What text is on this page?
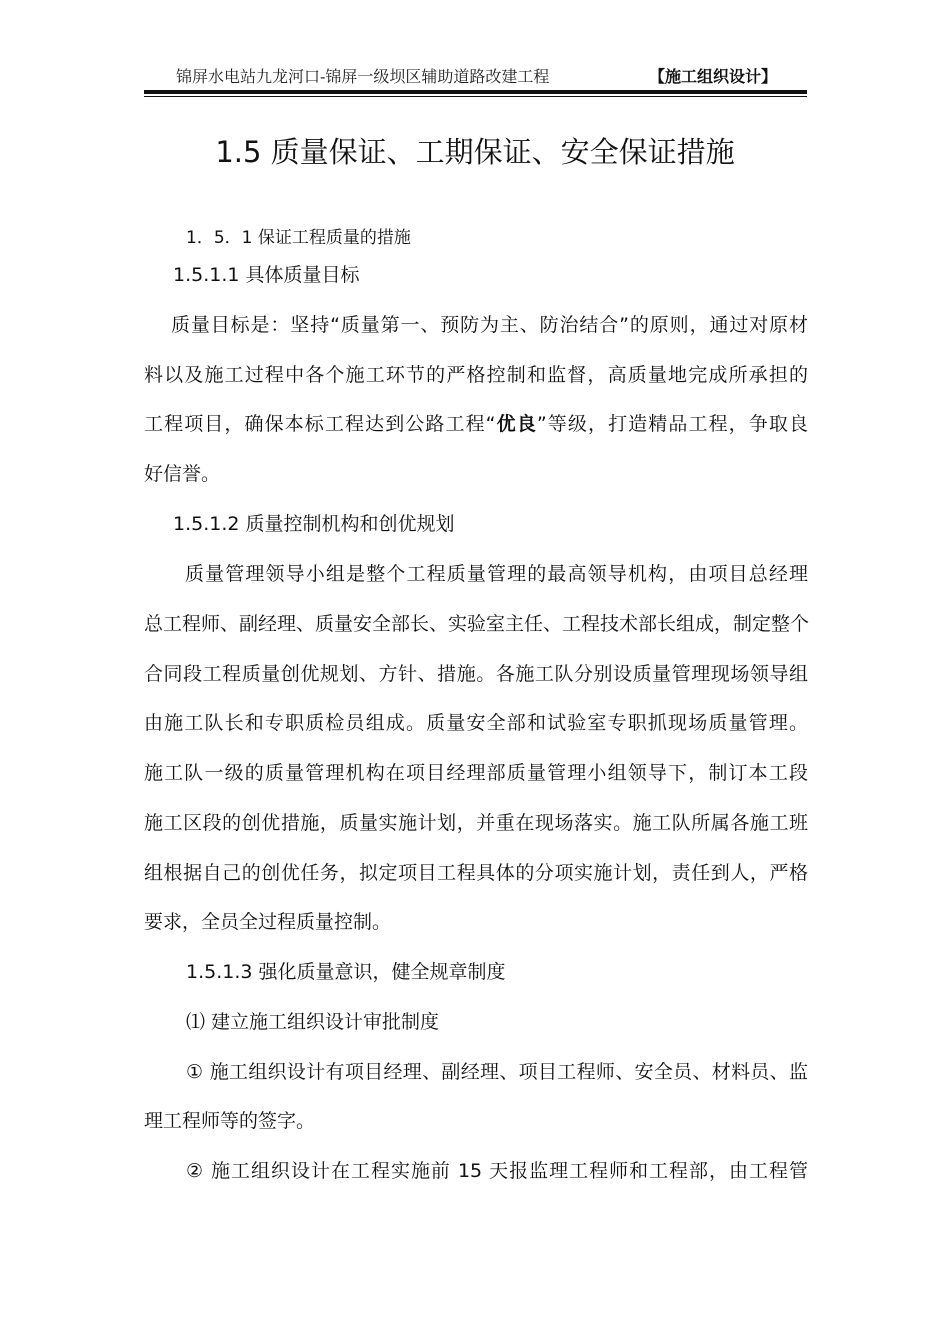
锦屏水电站九龙河口-锦屏一级坝区辅助道路改建工程	【施工组织设计】
1.5 质量保证、工期保证、安全保证措施
1．5．1 保证工程质量的措施
1.5.1.1 具体质量目标
质量目标是：坚持“质量第一、预防为主、防治结合”的原则，通过对原材
料以及施工过程中各个施工环节的严格控制和监督，高质量地完成所承担的
工程项目，确保本标工程达到公路工程“优良”等级，打造精品工程，争取良
好信誉。
1.5.1.2 质量控制机构和创优规划
质量管理领导小组是整个工程质量管理的最高领导机构，由项目总经理
总工程师、副经理、质量安全部长、实验室主任、工程技术部长组成，制定整个
合同段工程质量创优规划、方针、措施。各施工队分别设质量管理现场领导组
由施工队长和专职质检员组成。质量安全部和试验室专职抓现场质量管理。
施工队一级的质量管理机构在项目经理部质量管理小组领导下，制订本工段
施工区段的创优措施，质量实施计划，并重在现场落实。施工队所属各施工班
组根据自己的创优任务，拟定项目工程具体的分项实施计划，责任到人，严格
要求，全员全过程质量控制。
1.5.1.3 强化质量意识，健全规章制度
⑴ 建立施工组织设计审批制度
① 施工组织设计有项目经理、副经理、项目工程师、安全员、材料员、监
理工程师等的签字。
② 施工组织设计在工程实施前 15 天报监理工程师和工程部，由工程管
